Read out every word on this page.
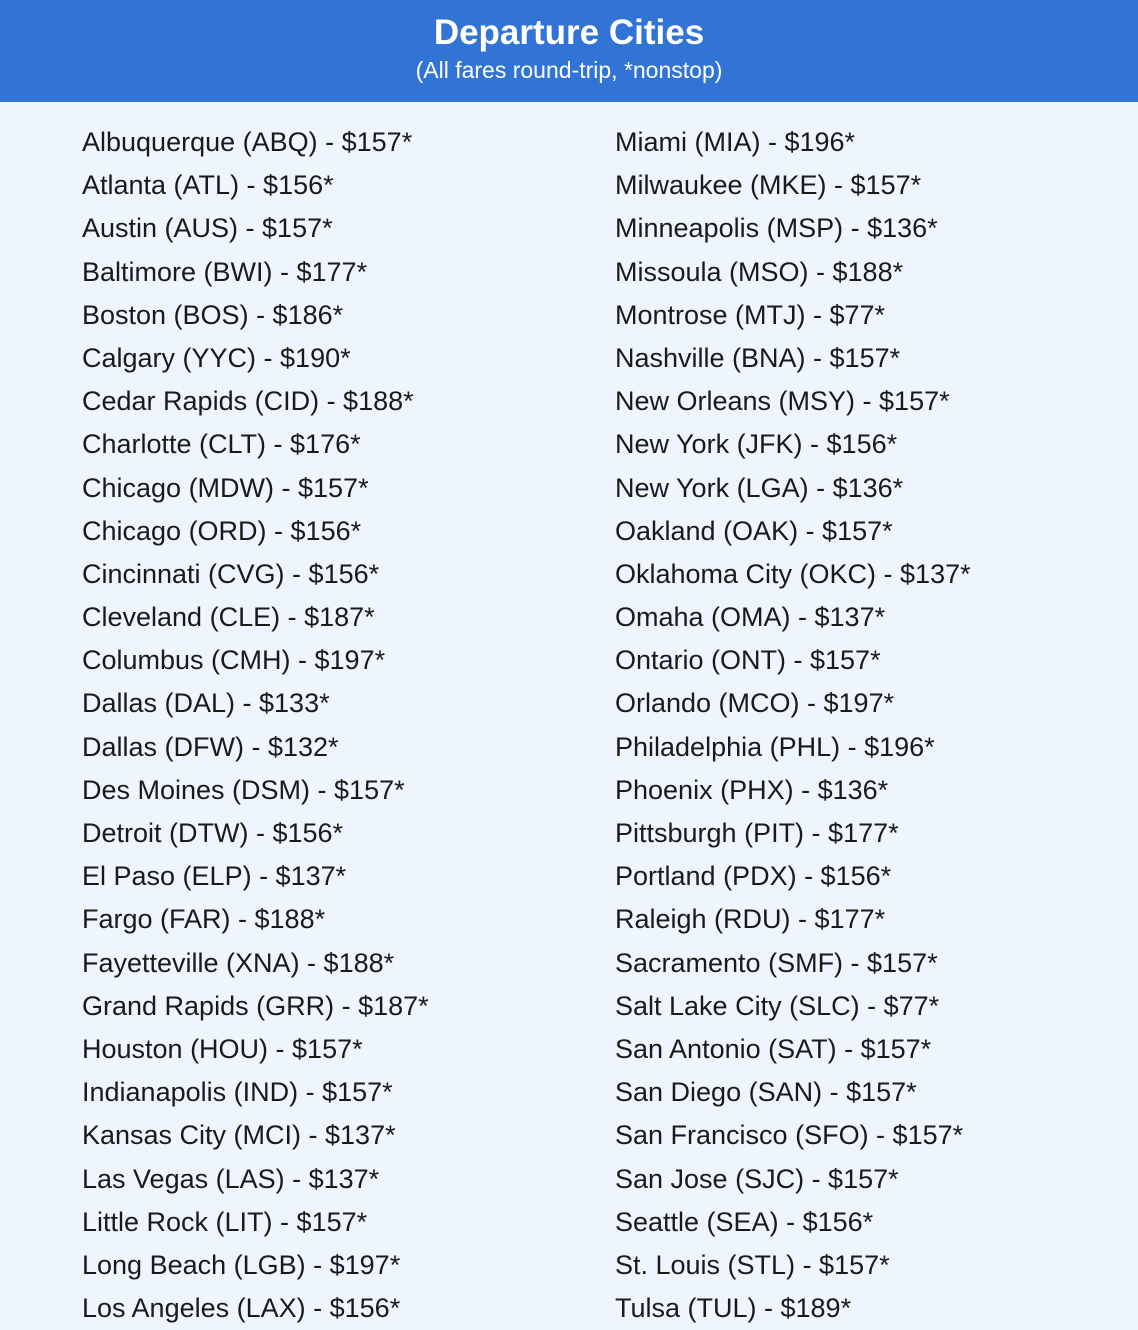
Departure Cities
(All fares round-trip, *nonstop)
Albuquerque (ABQ) - $157*
Atlanta (ATL) - $156*
Austin (AUS) - $157*
Baltimore (BWI) - $177*
Boston (BOS) - $186*
Calgary (YYC) - $190*
Cedar Rapids (CID) - $188*
Charlotte (CLT) - $176*
Chicago (MDW) - $157*
Chicago (ORD) - $156*
Cincinnati (CVG) - $156*
Cleveland (CLE) - $187*
Columbus (CMH) - $197*
Dallas (DAL) - $133*
Dallas (DFW) - $132*
Des Moines (DSM) - $157*
Detroit (DTW) - $156*
El Paso (ELP) - $137*
Fargo (FAR) - $188*
Fayetteville (XNA) - $188*
Grand Rapids (GRR) - $187*
Houston (HOU) - $157*
Indianapolis (IND) - $157*
Kansas City (MCI) - $137*
Las Vegas (LAS) - $137*
Little Rock (LIT) - $157*
Long Beach (LGB) - $197*
Los Angeles (LAX) - $156*
Miami (MIA) - $196*
Milwaukee (MKE) - $157*
Minneapolis (MSP) - $136*
Missoula (MSO) - $188*
Montrose (MTJ) - $77*
Nashville (BNA) - $157*
New Orleans (MSY) - $157*
New York (JFK) - $156*
New York (LGA) - $136*
Oakland (OAK) - $157*
Oklahoma City (OKC) - $137*
Omaha (OMA) - $137*
Ontario (ONT) - $157*
Orlando (MCO) - $197*
Philadelphia (PHL) - $196*
Phoenix (PHX) - $136*
Pittsburgh (PIT) - $177*
Portland (PDX) - $156*
Raleigh (RDU) - $177*
Sacramento (SMF) - $157*
Salt Lake City (SLC) - $77*
San Antonio (SAT) - $157*
San Diego (SAN) - $157*
San Francisco (SFO) - $157*
San Jose (SJC) - $157*
Seattle (SEA) - $156*
St. Louis (STL) - $157*
Tulsa (TUL) - $189*
